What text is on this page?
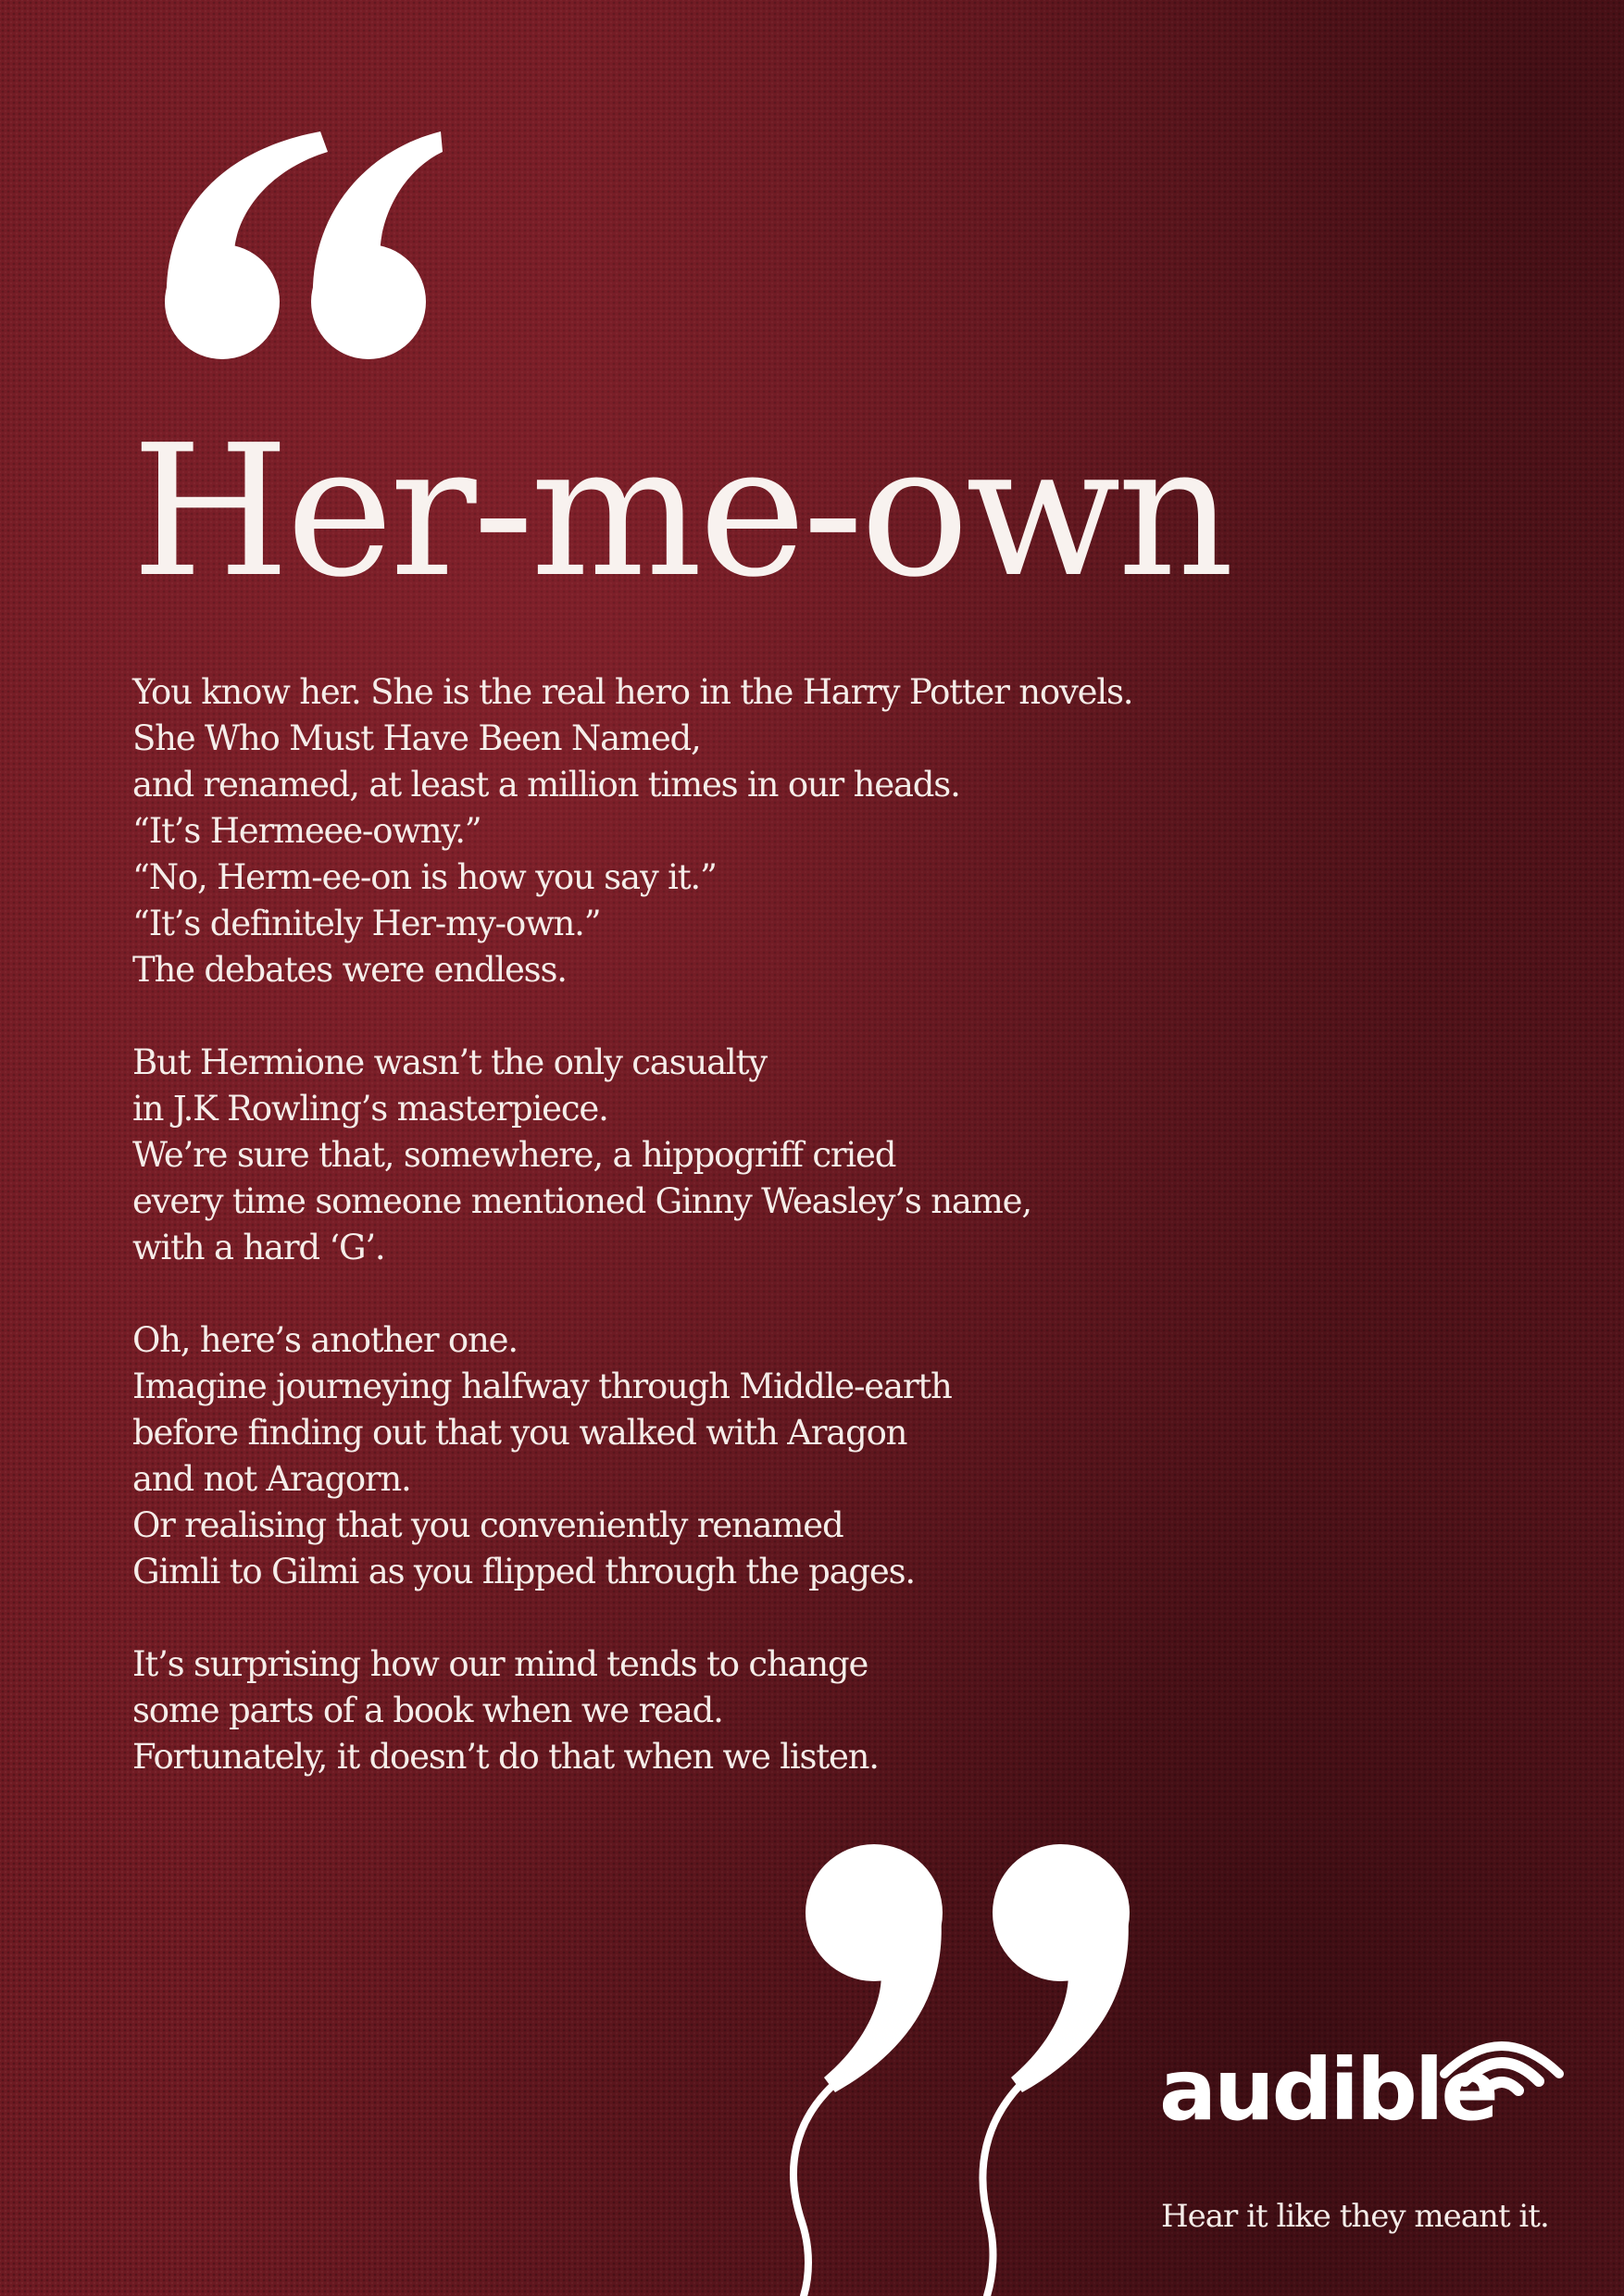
Her-me-own

You know her. She is the real hero in the Harry Potter novels.
She Who Must Have Been Named,
and renamed, at least a million times in our heads.
“It’s Hermeee-owny.”
“No, Herm-ee-on is how you say it.”
“It’s definitely Her-my-own.”
The debates were endless.

But Hermione wasn’t the only casualty
in J.K Rowling’s masterpiece.
We’re sure that, somewhere, a hippogriff cried
every time someone mentioned Ginny Weasley’s name,
with a hard ‘G’.

Oh, here’s another one.
Imagine journeying halfway through Middle-earth
before finding out that you walked with Aragon
and not Aragorn.
Or realising that you conveniently renamed
Gimli to Gilmi as you flipped through the pages.

It’s surprising how our mind tends to change
some parts of a book when we read.
Fortunately, it doesn’t do that when we listen.

audible

Hear it like they meant it.
